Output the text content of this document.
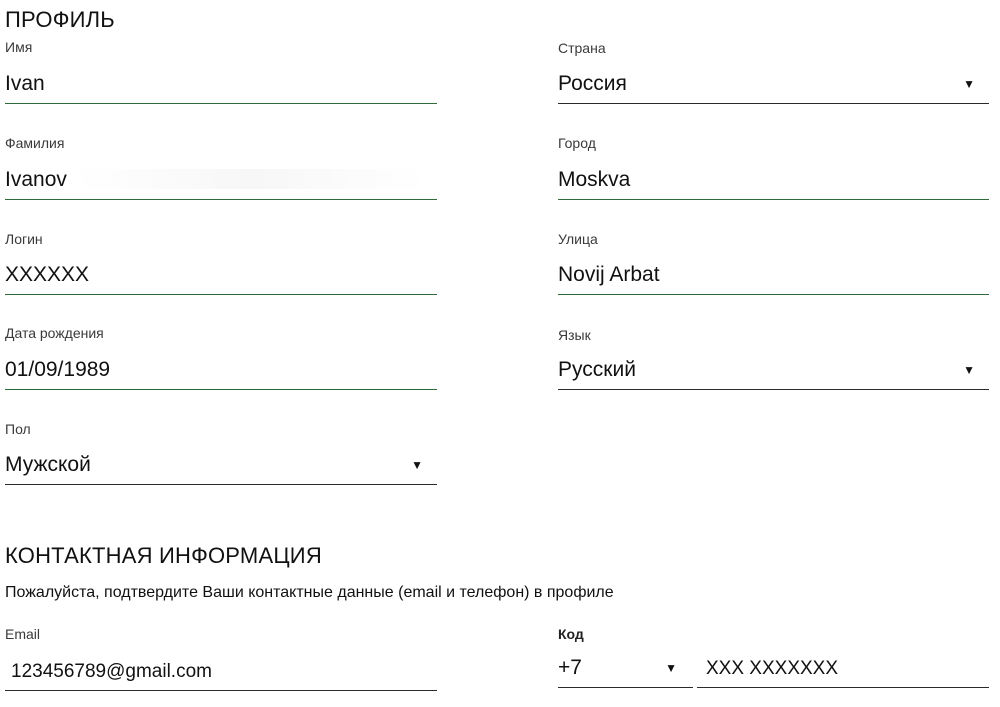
ПРОФИЛЬ
Имя
Ivan
Фамилия
Ivanov
Логин
XXXXXX
Дата рождения
01/09/1989
Пол
Мужской	▼
Страна
Россия	▼
Город
Moskva
Улица
Novij Arbat
Язык
Русский	▼
КОНТАКТНАЯ ИНФОРМАЦИЯ
Пожалуйста, подтвердите Ваши контактные данные (email и телефон) в профиле
Email
123456789@gmail.com
Код
+7	▼	XXX XXXXXXX
